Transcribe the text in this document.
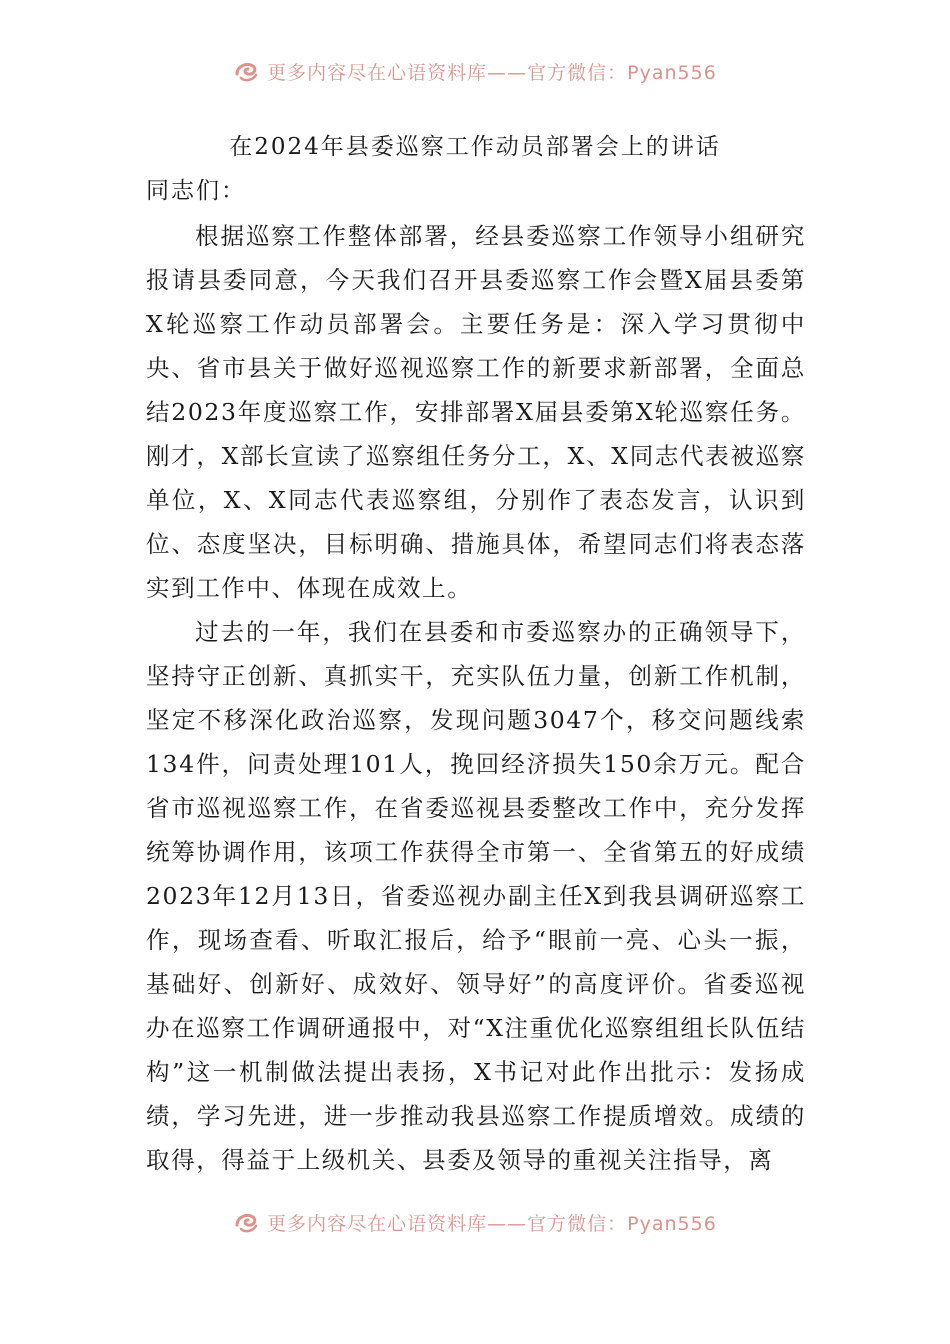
更多内容尽在心语资料库——官方微信：Pyan556
在2024年县委巡察工作动员部署会上的讲话

同志们：

根据巡察工作整体部署，经县委巡察工作领导小组研究报请县委同意，今天我们召开县委巡察工作会暨X届县委第X轮巡察工作动员部署会。主要任务是：深入学习贯彻中央、省市县关于做好巡视巡察工作的新要求新部署，全面总结2023年度巡察工作，安排部署X届县委第X轮巡察任务。刚才，X部长宣读了巡察组任务分工，X、X同志代表被巡察单位，X、X同志代表巡察组，分别作了表态发言，认识到位、态度坚决，目标明确、措施具体，希望同志们将表态落实到工作中、体现在成效上。

过去的一年，我们在县委和市委巡察办的正确领导下，坚持守正创新、真抓实干，充实队伍力量，创新工作机制，坚定不移深化政治巡察，发现问题3047个，移交问题线索134件，问责处理101人，挽回经济损失150余万元。配合省市巡视巡察工作，在省委巡视县委整改工作中，充分发挥统筹协调作用，该项工作获得全市第一、全省第五的好成绩2023年12月13日，省委巡视办副主任X到我县调研巡察工作，现场查看、听取汇报后，给予“眼前一亮、心头一振，基础好、创新好、成效好、领导好”的高度评价。省委巡视办在巡察工作调研通报中，对“X注重优化巡察组组长队伍结构”这一机制做法提出表扬，X书记对此作出批示：发扬成绩，学习先进，进一步推动我县巡察工作提质增效。成绩的取得，得益于上级机关、县委及领导的重视关注指导，离

更多内容尽在心语资料库——官方微信：Pyan556
